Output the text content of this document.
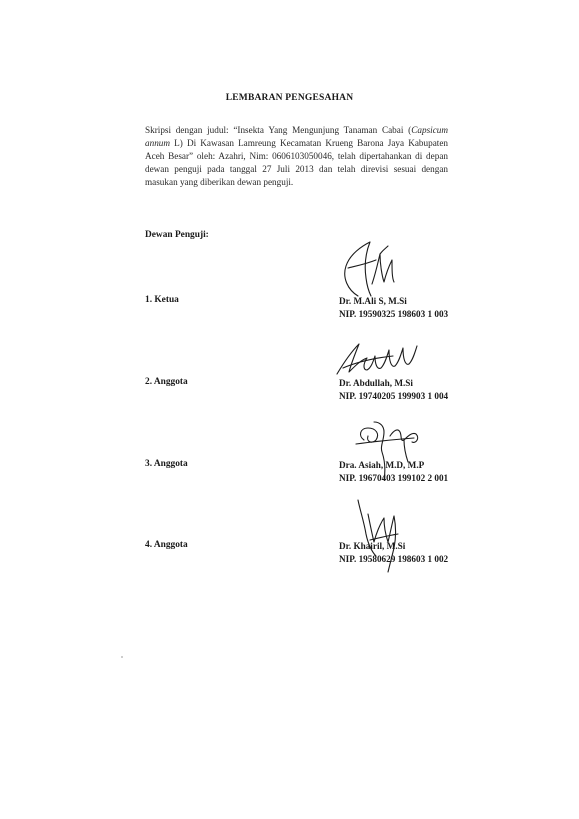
LEMBARAN PENGESAHAN
Skripsi dengan judul: “Insekta Yang Mengunjung Tanaman Cabai (Capsicum annum L) Di Kawasan Lamreung Kecamatan Krueng Barona Jaya Kabupaten Aceh Besar” oleh: Azahri, Nim: 0606103050046, telah dipertahankan di depan dewan penguji pada tanggal 27 Juli 2013 dan telah direvisi sesuai dengan masukan yang diberikan dewan penguji.
Dewan Penguji:
1. Ketua	Dr. M.Ali S, M.Si
NIP. 19590325 198603 1 003
2. Anggota	Dr. Abdullah, M.Si
NIP. 19740205 199903 1 004
3. Anggota	Dra. Asiah, M.D, M.P
NIP. 19670403 199102 2 001
4. Anggota	Dr. Khairil, M.Si
NIP. 19580629 198603 1 002
